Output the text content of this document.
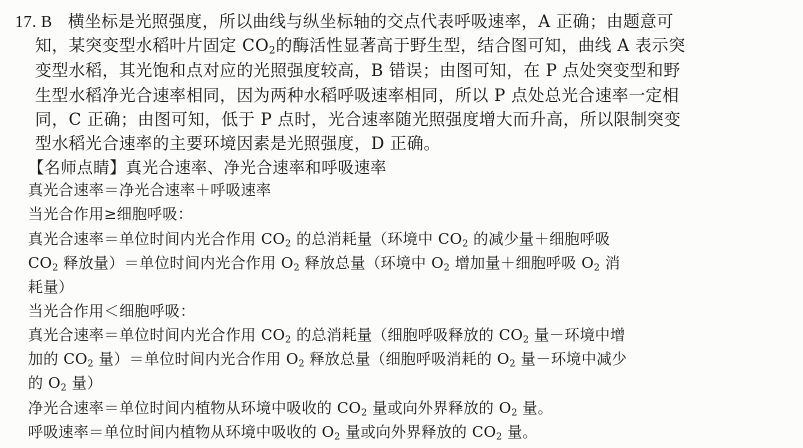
17. B 横坐标是光照强度，所以曲线与纵坐标轴的交点代表呼吸速率，A 正确；由题意可
知，某突变型水稻叶片固定 $CO_2$的酶活性显著高于野生型，结合图可知，曲线 A 表示突
变型水稻，其光饱和点对应的光照强度较高，B 错误；由图可知，在 P 点处突变型和野
生型水稻净光合速率相同，因为两种水稻呼吸速率相同，所以 P 点处总光合速率一定相
同，C 正确；由图可知，低于 P 点时，光合速率随光照强度增大而升高，所以限制突变
型水稻光合速率的主要环境因素是光照强度，D 正确。
【名师点睛】真光合速率、净光合速率和呼吸速率
真光合速率＝净光合速率＋呼吸速率
当光合作用≥细胞呼吸：
真光合速率＝单位时间内光合作用 $CO_2$ 的总消耗量（环境中 $CO_2$ 的减少量＋细胞呼吸
$CO_2$ 释放量）＝单位时间内光合作用 $O_2$ 释放总量（环境中 $O_2$ 增加量＋细胞呼吸 $O_2$ 消
耗量）
当光合作用＜细胞呼吸：
真光合速率＝单位时间内光合作用 $CO_2$ 的总消耗量（细胞呼吸释放的 $CO_2$ 量－环境中增
加的 $CO_2$ 量）＝单位时间内光合作用 $O_2$ 释放总量（细胞呼吸消耗的 $O_2$ 量－环境中减少
的 $O_2$ 量）
净光合速率＝单位时间内植物从环境中吸收的 $CO_2$ 量或向外界释放的 $O_2$ 量。
呼吸速率＝单位时间内植物从环境中吸收的 $O_2$ 量或向外界释放的 $CO_2$ 量。
